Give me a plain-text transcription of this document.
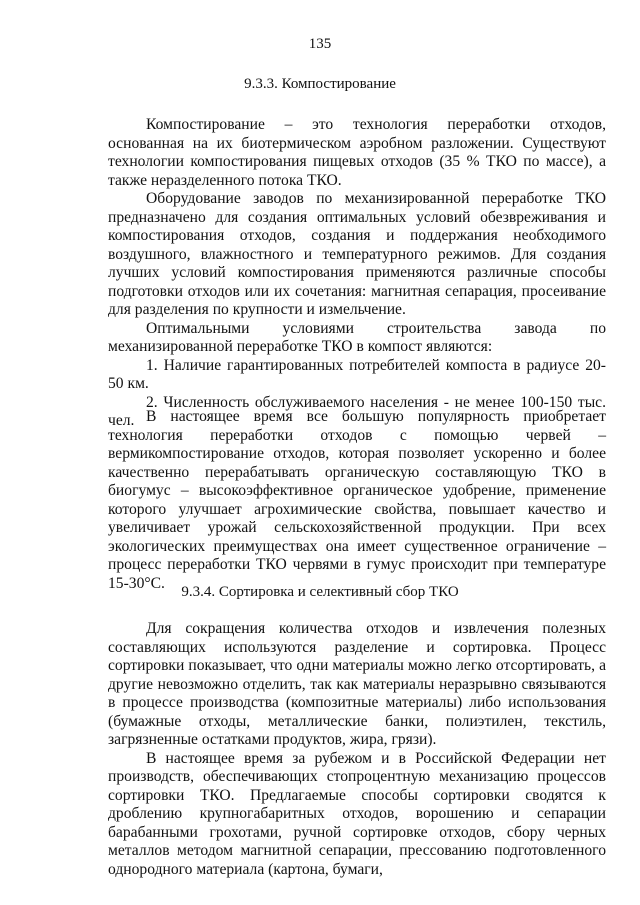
135
9.3.3. Компостирование

Компостирование – это технология переработки отходов, основанная на их биотермическом аэробном разложении. Существуют технологии компостирования пищевых отходов (35 % ТКО по массе), а также неразделенного потока ТКО.

Оборудование заводов по механизированной переработке ТКО предназначено для создания оптимальных условий обезвреживания и компостирования отходов, создания и поддержания необходимого воздушного, влажностного и температурного режимов. Для создания лучших условий компостирования применяются различные способы подготовки отходов или их сочетания: магнитная сепарация, просеивание для разделения по крупности и измельчение.

Оптимальными условиями строительства завода по механизированной переработке ТКО в компост являются:

1. Наличие гарантированных потребителей компоста в радиусе 20-50 км.

2. Численность обслуживаемого населения - не менее 100-150 тыс. чел. В настоящее время все большую популярность приобретает технология переработки отходов с помощью червей – вермикомпостирование отходов, которая позволяет ускоренно и более качественно перерабатывать органическую составляющую ТКО в биогумус – высокоэффективное органическое удобрение, применение которого улучшает агрохимические свойства, повышает качество и увеличивает урожай сельскохозяйственной продукции. При всех экологических преимуществах она имеет существенное ограничение – процесс переработки ТКО червями в гумус происходит при температуре 15-30°С.

9.3.4. Сортировка и селективный сбор ТКО

Для сокращения количества отходов и извлечения полезных составляющих используются разделение и сортировка. Процесс сортировки показывает, что одни материалы можно легко отсортировать, а другие невозможно отделить, так как материалы неразрывно связываются в процессе производства (композитные материалы) либо использования (бумажные отходы, металлические банки, полиэтилен, текстиль, загрязненные остатками продуктов, жира, грязи).

В настоящее время за рубежом и в Российской Федерации нет производств, обеспечивающих стопроцентную механизацию процессов сортировки ТКО. Предлагаемые способы сортировки сводятся к дроблению крупногабаритных отходов, ворошению и сепарации барабанными грохотами, ручной сортировке отходов, сбору черных металлов методом магнитной сепарации, прессованию подготовленного однородного материала (картона, бумаги,
